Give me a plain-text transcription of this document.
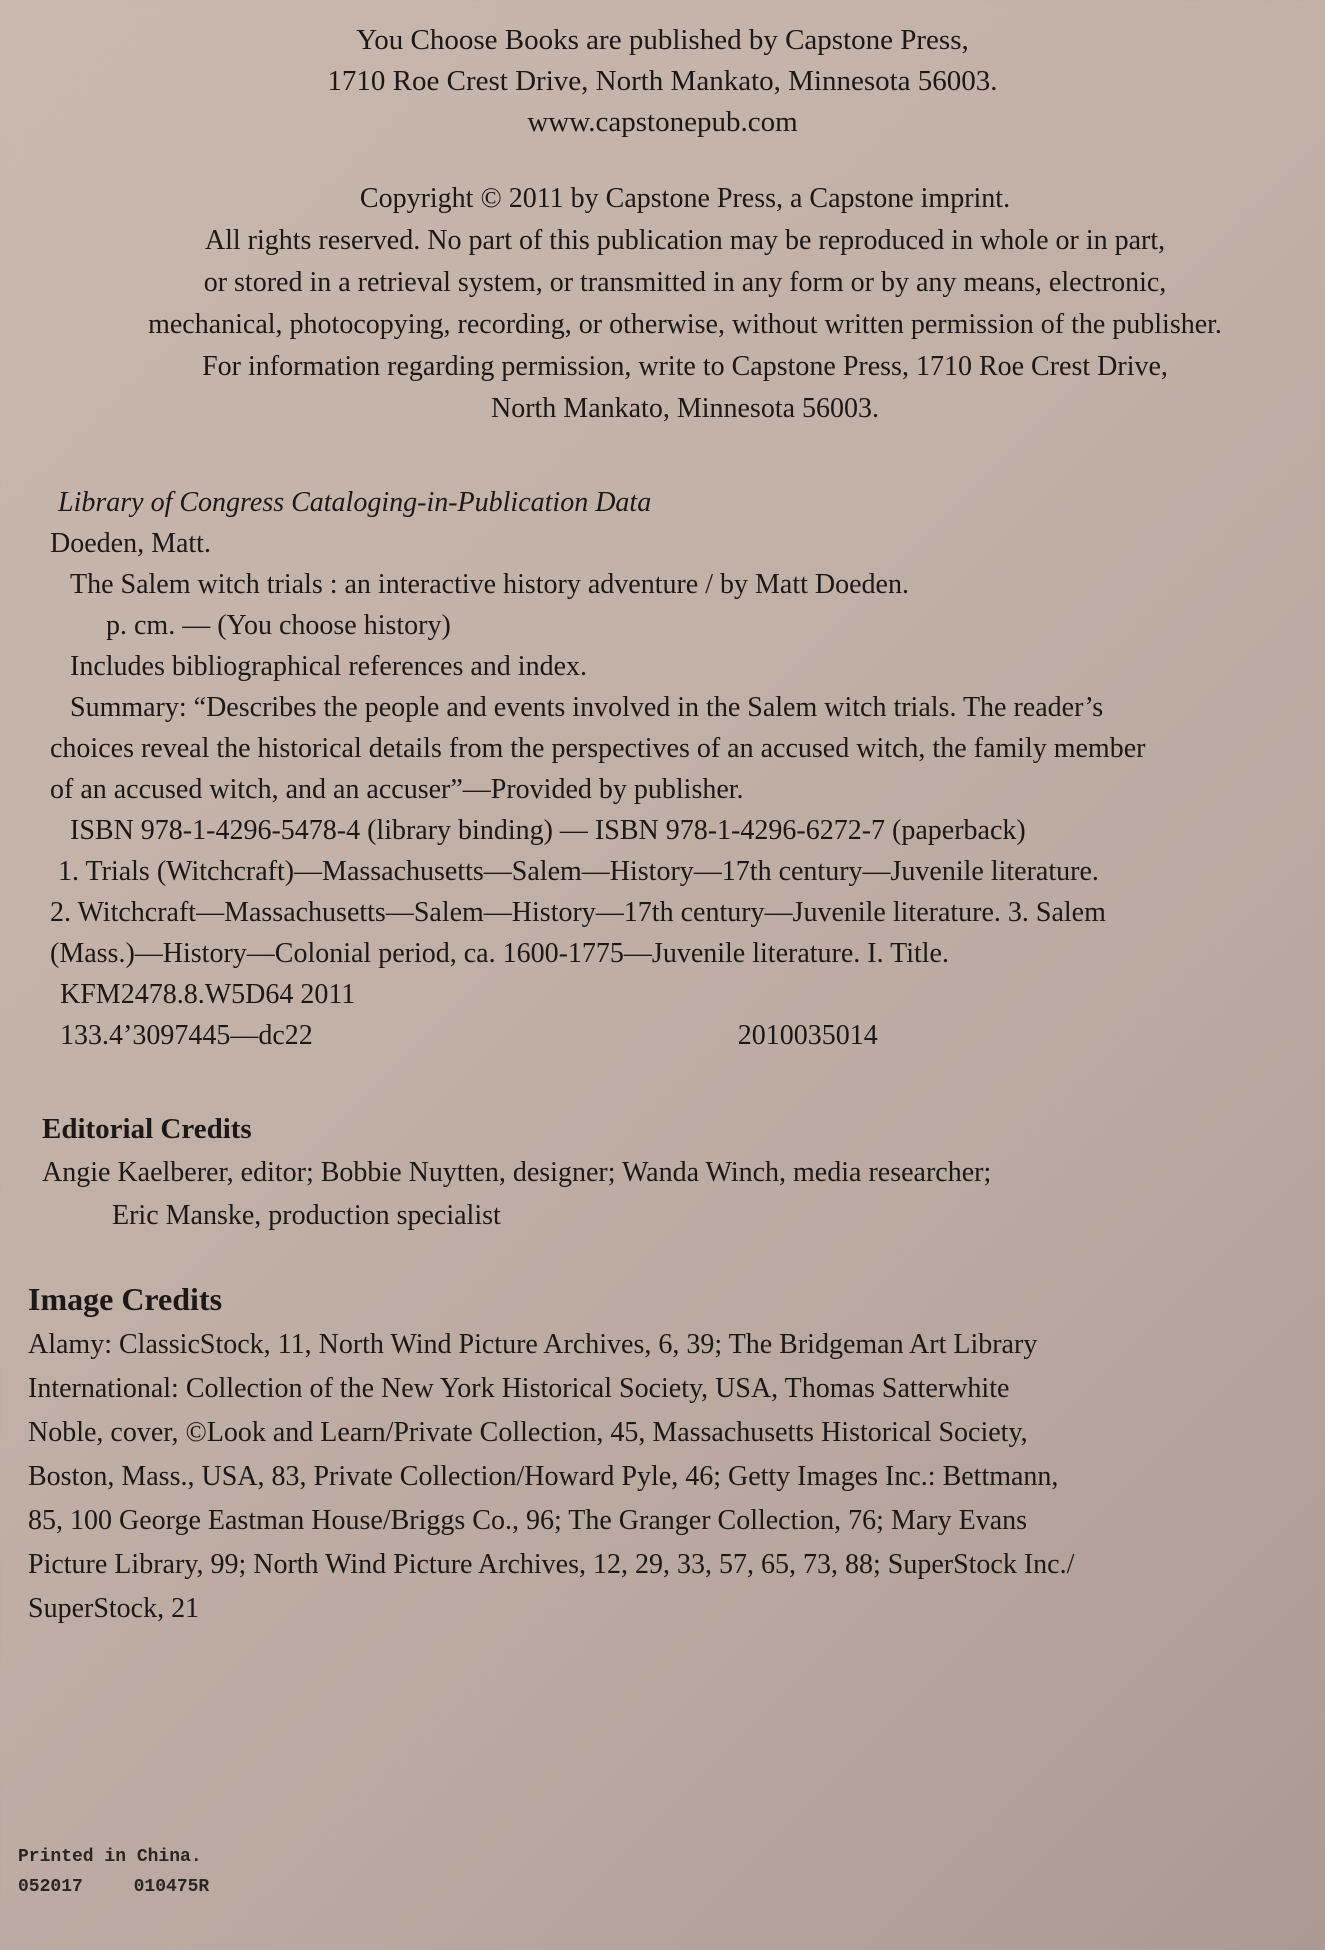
You Choose Books are published by Capstone Press,
1710 Roe Crest Drive, North Mankato, Minnesota 56003.
www.capstonepub.com
Copyright © 2011 by Capstone Press, a Capstone imprint.
All rights reserved. No part of this publication may be reproduced in whole or in part,
or stored in a retrieval system, or transmitted in any form or by any means, electronic,
mechanical, photocopying, recording, or otherwise, without written permission of the publisher.
For information regarding permission, write to Capstone Press, 1710 Roe Crest Drive,
North Mankato, Minnesota 56003.
Library of Congress Cataloging-in-Publication Data
Doeden, Matt.
The Salem witch trials : an interactive history adventure / by Matt Doeden.
p. cm. — (You choose history)
Includes bibliographical references and index.
Summary: “Describes the people and events involved in the Salem witch trials. The reader’s
choices reveal the historical details from the perspectives of an accused witch, the family member
of an accused witch, and an accuser”—Provided by publisher.
ISBN 978-1-4296-5478-4 (library binding) — ISBN 978-1-4296-6272-7 (paperback)
1. Trials (Witchcraft)—Massachusetts—Salem—History—17th century—Juvenile literature.
2. Witchcraft—Massachusetts—Salem—History—17th century—Juvenile literature. 3. Salem
(Mass.)—History—Colonial period, ca. 1600-1775—Juvenile literature. I. Title.
KFM2478.8.W5D64 2011
133.4’3097445—dc22	2010035014
Editorial Credits
Angie Kaelberer, editor; Bobbie Nuytten, designer; Wanda Winch, media researcher;
Eric Manske, production specialist
Image Credits
Alamy: ClassicStock, 11, North Wind Picture Archives, 6, 39; The Bridgeman Art Library
International: Collection of the New York Historical Society, USA, Thomas Satterwhite
Noble, cover, ©Look and Learn/Private Collection, 45, Massachusetts Historical Society,
Boston, Mass., USA, 83, Private Collection/Howard Pyle, 46; Getty Images Inc.: Bettmann,
85, 100 George Eastman House/Briggs Co., 96; The Granger Collection, 76; Mary Evans
Picture Library, 99; North Wind Picture Archives, 12, 29, 33, 57, 65, 73, 88; SuperStock Inc./
SuperStock, 21
Printed in China.
052017	010475R
